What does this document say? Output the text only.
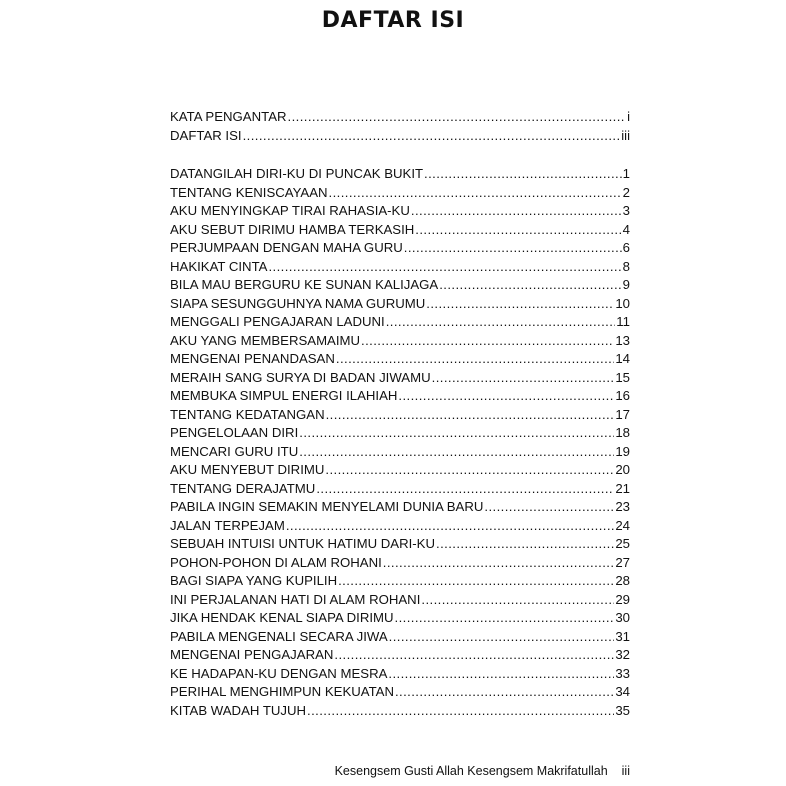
DAFTAR ISI
KATA PENGANTAR .....	i
DAFTAR ISI .....	iii
DATANGILAH DIRI-KU DI PUNCAK BUKIT .....	1
TENTANG KENISCAYAAN .....	2
AKU MENYINGKAP TIRAI RAHASIA-KU .....	3
AKU SEBUT DIRIMU HAMBA TERKASIH .....	4
PERJUMPAAN DENGAN MAHA GURU .....	6
HAKIKAT CINTA .....	8
BILA MAU BERGURU KE SUNAN KALIJAGA .....	9
SIAPA SESUNGGUHNYA NAMA GURUMU .....	10
MENGGALI PENGAJARAN LADUNI .....	11
AKU YANG MEMBERSAMAIMU .....	13
MENGENAI PENANDASAN .....	14
MERAIH SANG SURYA DI BADAN JIWAMU .....	15
MEMBUKA SIMPUL ENERGI ILAHIAH .....	16
TENTANG KEDATANGAN .....	17
PENGELOLAAN DIRI .....	18
MENCARI GURU ITU .....	19
AKU MENYEBUT DIRIMU .....	20
TENTANG DERAJATMU .....	21
PABILA INGIN SEMAKIN MENYELAMI DUNIA BARU .....	23
JALAN TERPEJAM .....	24
SEBUAH INTUISI UNTUK HATIMU DARI-KU .....	25
POHON-POHON DI ALAM ROHANI .....	27
BAGI SIAPA YANG KUPILIH .....	28
INI PERJALANAN HATI DI ALAM ROHANI .....	29
JIKA HENDAK KENAL SIAPA DIRIMU .....	30
PABILA MENGENALI SECARA JIWA .....	31
MENGENAI PENGAJARAN .....	32
KE HADAPAN-KU DENGAN MESRA .....	33
PERIHAL MENGHIMPUN KEKUATAN .....	34
KITAB WADAH TUJUH .....	35
Kesengsem Gusti Allah Kesengsem Makrifatullah iii
